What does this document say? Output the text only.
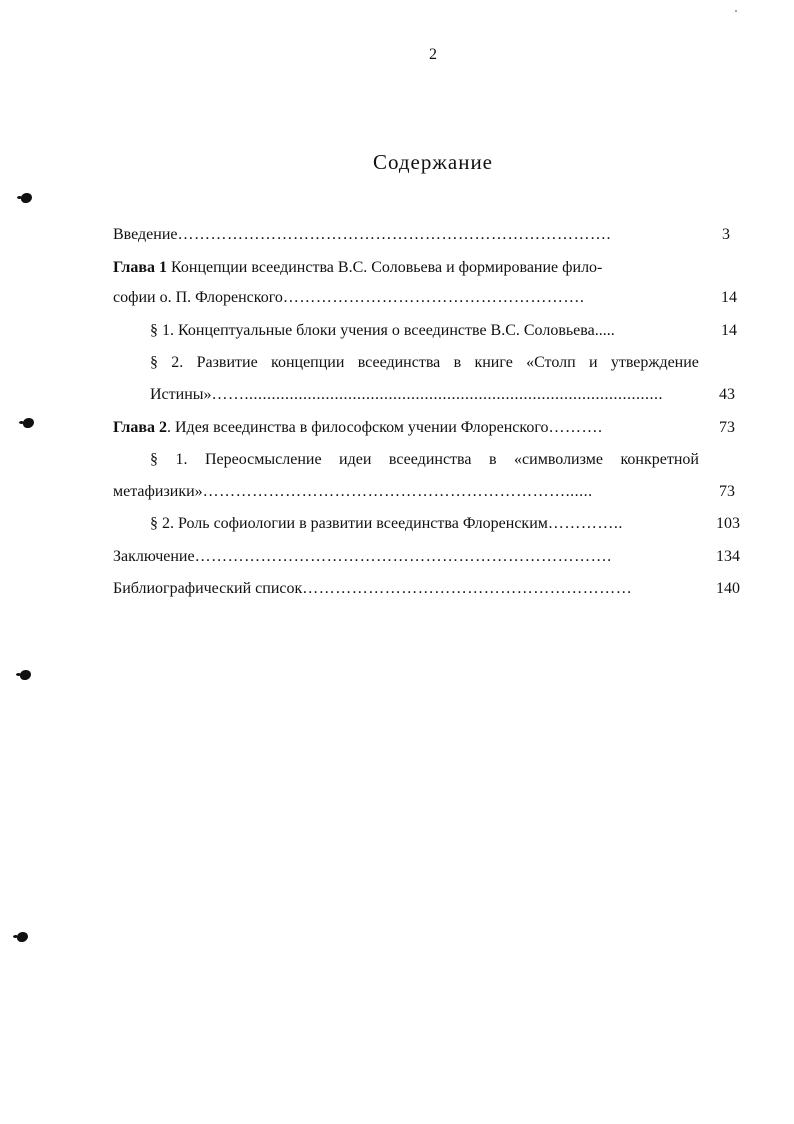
2
Содержание
Введение…………………………………………………………………….	3
Глава 1 Концепции всеединства В.С. Соловьева и формирование фило-
софии о. П. Флоренского……………………………………………….	14
§ 1. Концептуальные блоки учения о всеединстве В.С. Соловьева.....	14
§ 2. Развитие концепции всеединства в книге «Столп и утверждение
Истины»…….............................................................................................	43
Глава 2. Идея всеединства в философском учении Флоренского……….	73
§ 1. Переосмысление идеи всеединства в «символизме конкретной
метафизики»…………………………………………………………......	73
§ 2. Роль софиологии в развитии всеединства Флоренским…………..	103
Заключение………………………………………………………………….	134
Библиографический список……………………………………………………	140
